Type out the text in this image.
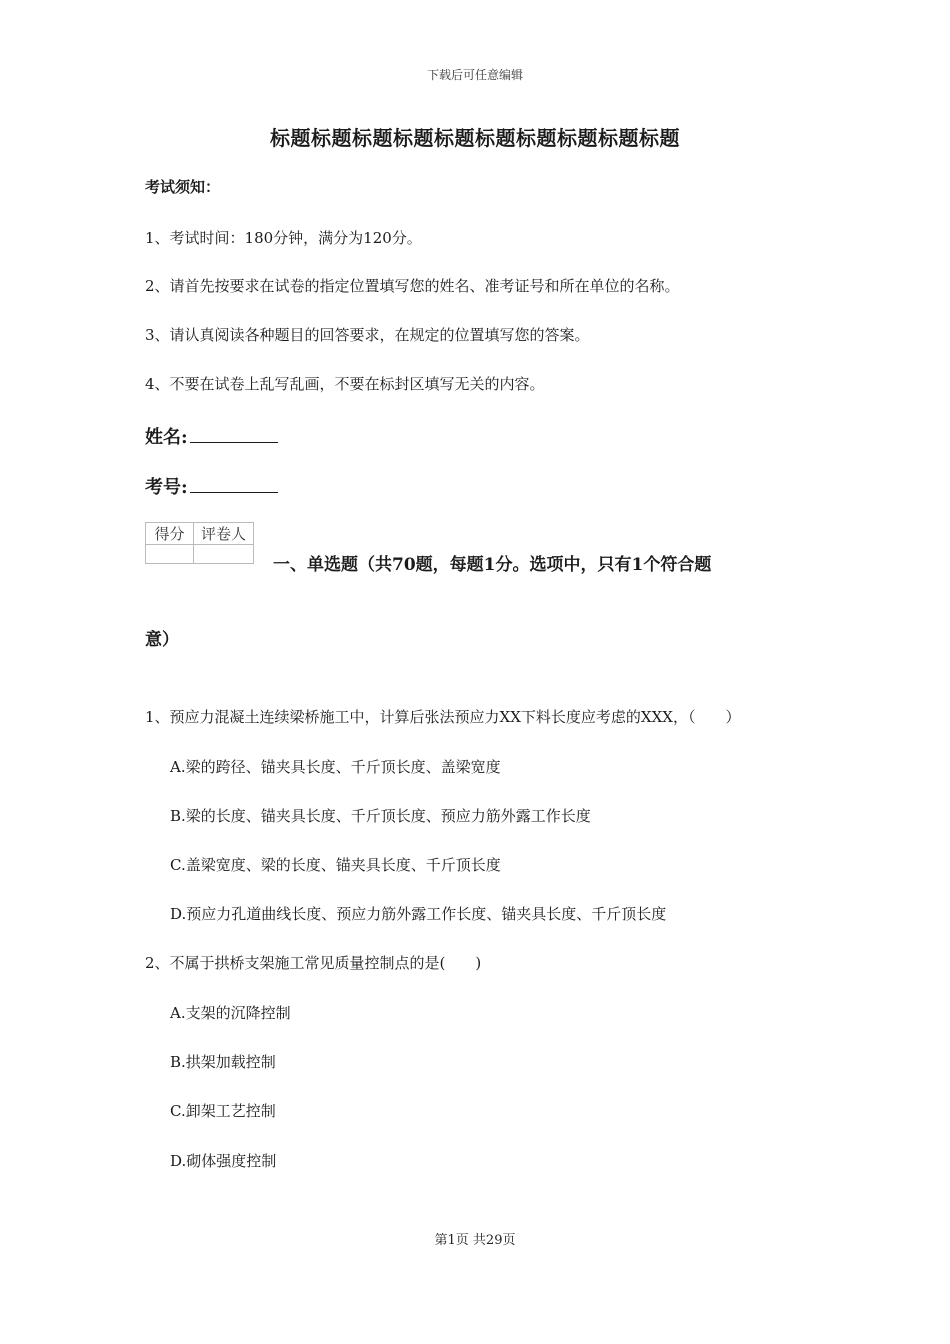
下载后可任意编辑
标题标题标题标题标题标题标题标题标题标题
考试须知：
1、考试时间：180分钟，满分为120分。
2、请首先按要求在试卷的指定位置填写您的姓名、准考证号和所在单位的名称。
3、请认真阅读各种题目的回答要求，在规定的位置填写您的答案。
4、不要在试卷上乱写乱画，不要在标封区填写无关的内容。
姓名:
考号:
得分	评卷人

一、单选题（共70题，每题1分。选项中，只有1个符合题
意）
1、预应力混凝土连续梁桥施工中，计算后张法预应力XX下料长度应考虑的XXX，（　　）
A.梁的跨径、锚夹具长度、千斤顶长度、盖梁宽度
B.梁的长度、锚夹具长度、千斤顶长度、预应力筋外露工作长度
C.盖梁宽度、梁的长度、锚夹具长度、千斤顶长度
D.预应力孔道曲线长度、预应力筋外露工作长度、锚夹具长度、千斤顶长度
2、不属于拱桥支架施工常见质量控制点的是(　　)
A.支架的沉降控制
B.拱架加载控制
C.卸架工艺控制
D.砌体强度控制
第1页 共29页
